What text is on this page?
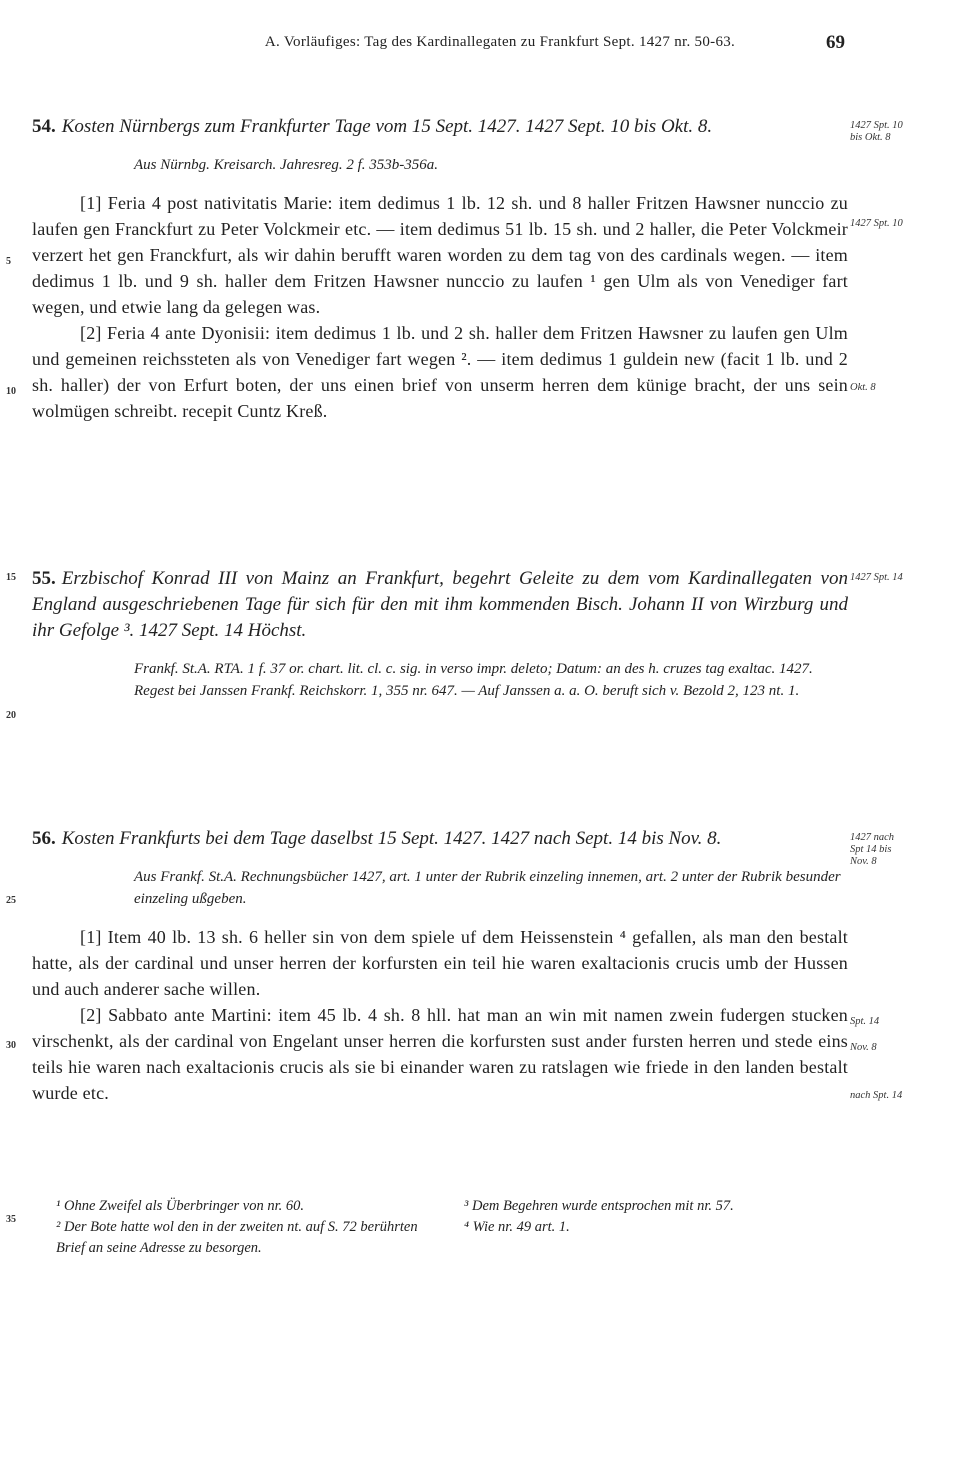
A. Vorläufiges: Tag des Kardinallegaten zu Frankfurt Sept. 1427 nr. 50-63.	69
5
10
15
20
25
30
35
54. Kosten Nürnbergs zum Frankfurter Tage vom 15 Sept. 1427. 1427 Sept. 10 bis Okt. 8.
Aus Nürnbg. Kreisarch. Jahresreg. 2 f. 353b-356a.
[1] Feria 4 post nativitatis Marie: item dedimus 1 lb. 12 sh. und 8 haller Fritzen Hawsner nunccio zu laufen gen Franckfurt zu Peter Volckmeir etc. — item dedimus 51 lb. 15 sh. und 2 haller, die Peter Volckmeir verzert het gen Franckfurt, als wir dahin berufft waren worden zu dem tag von des cardinals wegen. — item dedimus 1 lb. und 9 sh. haller dem Fritzen Hawsner nunccio zu laufen ¹ gen Ulm als von Venediger fart wegen, und etwie lang da gelegen was.
[2] Feria 4 ante Dyonisii: item dedimus 1 lb. und 2 sh. haller dem Fritzen Hawsner zu laufen gen Ulm und gemeinen reichssteten als von Venediger fart wegen ². — item dedimus 1 guldein new (facit 1 lb. und 2 sh. haller) der von Erfurt boten, der uns einen brief von unserm herren dem künige bracht, der uns sein wolmügen schreibt. recepit Cuntz Kreß.
1427 Spt. 10 bis Okt. 8
1427 Spt. 10
Okt. 8
55. Erzbischof Konrad III von Mainz an Frankfurt, begehrt Geleite zu dem vom Kardinallegaten von England ausgeschriebenen Tage für sich für den mit ihm kommenden Bisch. Johann II von Wirzburg und ihr Gefolge ³. 1427 Sept. 14 Höchst.
Frankf. St.A. RTA. 1 f. 37 or. chart. lit. cl. c. sig. in verso impr. deleto; Datum: an des h. cruzes tag exaltac. 1427.
Regest bei Janssen Frankf. Reichskorr. 1, 355 nr. 647. — Auf Janssen a. a. O. beruft sich v. Bezold 2, 123 nt. 1.
1427 Spt. 14
56. Kosten Frankfurts bei dem Tage daselbst 15 Sept. 1427. 1427 nach Sept. 14 bis Nov. 8.
Aus Frankf. St.A. Rechnungsbücher 1427, art. 1 unter der Rubrik einzeling innemen, art. 2 unter der Rubrik besunder einzeling ußgeben.
[1] Item 40 lb. 13 sh. 6 heller sin von dem spiele uf dem Heissenstein ⁴ gefallen, als man den bestalt hatte, als der cardinal und unser herren der korfursten ein teil hie waren exaltacionis crucis umb der Hussen und auch anderer sache willen.
[2] Sabbato ante Martini: item 45 lb. 4 sh. 8 hll. hat man an win mit namen zwein fudergen stucken virschenkt, als der cardinal von Engelant unser herren die korfursten sust ander fursten herren und stede eins teils hie waren nach exaltacionis crucis als sie bi einander waren zu ratslagen wie friede in den landen bestalt wurde etc.
1427 nach Spt 14 bis Nov. 8
Spt. 14
Nov. 8
nach Spt. 14
¹ Ohne Zweifel als Überbringer von nr. 60.
² Der Bote hatte wol den in der zweiten nt. auf S. 72 berührten Brief an seine Adresse zu besorgen.
³ Dem Begehren wurde entsprochen mit nr. 57.
⁴ Wie nr. 49 art. 1.
